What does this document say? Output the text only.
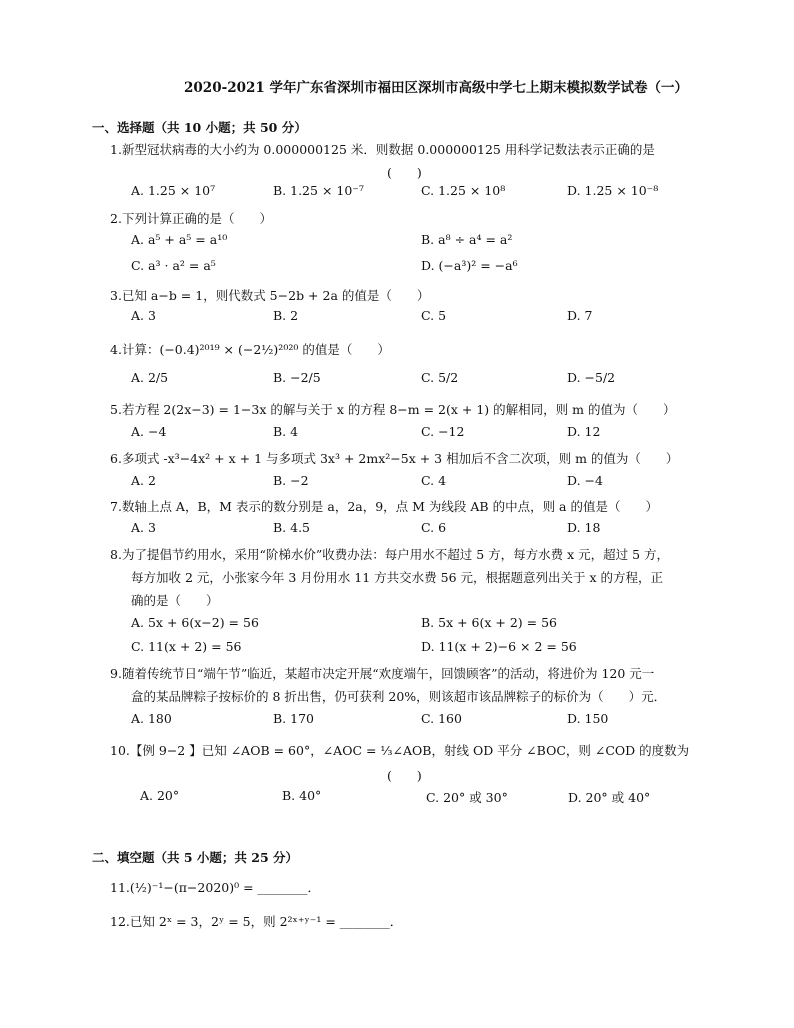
2020-2021 学年广东省深圳市福田区深圳市高级中学七上期末模拟数学试卷（一）
一、选择题（共 10 小题；共 50 分）
1.新型冠状病毒的大小约为 0.000000125 米．则数据 0.000000125 用科学记数法表示正确的是
(　　)
A. 1.25 × 10⁷	B. 1.25 × 10⁻⁷	C. 1.25 × 10⁸	D. 1.25 × 10⁻⁸
2.下列计算正确的是（　　）
A. a⁵ + a⁵ = a¹⁰	B. a⁸ ÷ a⁴ = a²
C. a³ · a² = a⁵	D. (−a³)² = −a⁶
3.已知 a−b = 1，则代数式 5−2b + 2a 的值是（　　）
A. 3	B. 2	C. 5	D. 7
4.计算：(−0.4)²⁰¹⁹ × (−2½)²⁰²⁰ 的值是（　　）
A. 2/5	B. −2/5	C. 5/2	D. −5/2
5.若方程 2(2x−3) = 1−3x 的解与关于 x 的方程 8−m = 2(x + 1) 的解相同，则 m 的值为（　　）
A. −4	B. 4	C. −12	D. 12
6.多项式 -x³−4x² + x + 1 与多项式 3x³ + 2mx²−5x + 3 相加后不含二次项，则 m 的值为（　　）
A. 2	B. −2	C. 4	D. −4
7.数轴上点 A，B，M 表示的数分别是 a，2a，9，点 M 为线段 AB 的中点，则 a 的值是（　　）
A. 3	B. 4.5	C. 6	D. 18
8.为了提倡节约用水，采用“阶梯水价”收费办法：每户用水不超过 5 方，每方水费 x 元，超过 5 方，
每方加收 2 元，小张家今年 3 月份用水 11 方共交水费 56 元，根据题意列出关于 x 的方程，正
确的是（　　）
A. 5x + 6(x−2) = 56	B. 5x + 6(x + 2) = 56
C. 11(x + 2) = 56	D. 11(x + 2)−6 × 2 = 56
9.随着传统节日“端午节”临近，某超市决定开展“欢度端午，回馈顾客”的活动，将进价为 120 元一
盒的某品牌粽子按标价的 8 折出售，仍可获利 20%，则该超市该品牌粽子的标价为（　　）元．
A. 180	B. 170	C. 160	D. 150
10.【例 9−2 】已知 ∠AOB = 60°，∠AOC = ⅓∠AOB，射线 OD 平分 ∠BOC，则 ∠COD 的度数为
(　　)
A. 20°	B. 40°	C. 20° 或 30°	D. 20° 或 40°
二、填空题（共 5 小题；共 25 分）
11.(½)⁻¹−(π−2020)⁰ = ________．
12.已知 2ˣ = 3，2ʸ = 5，则 2²ˣ⁺ʸ⁻¹ = ________．
